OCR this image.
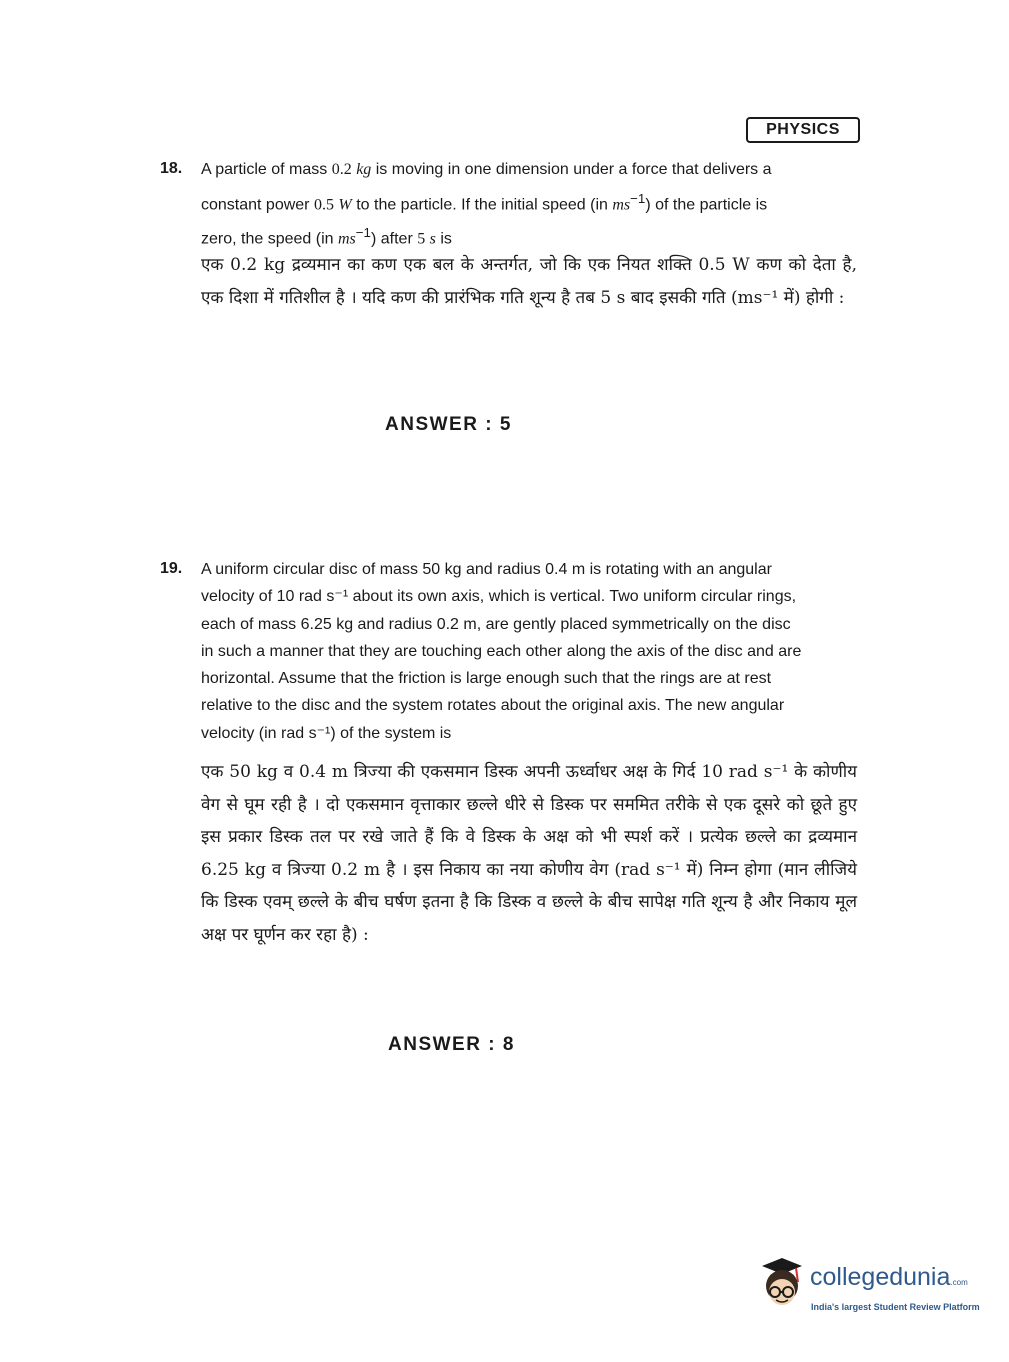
PHYSICS
18. A particle of mass 0.2 kg is moving in one dimension under a force that delivers a
constant power 0.5 W to the particle. If the initial speed (in $ms^{-1}$) of the particle is
zero, the speed (in $ms^{-1}$) after 5 s is
एक 0.2 kg द्रव्यमान का कण एक बल के अन्तर्गत, जो कि एक नियत शक्ति 0.5 W कण को देता है, एक दिशा में गतिशील है । यदि कण की प्रारंभिक गति शून्य है तब 5 s बाद इसकी गति (ms⁻¹ में) होगी :
ANSWER : 5
19. A uniform circular disc of mass 50 kg and radius 0.4 m is rotating with an angular
velocity of 10 rad s⁻¹ about its own axis, which is vertical. Two uniform circular rings,
each of mass 6.25 kg and radius 0.2 m, are gently placed symmetrically on the disc
in such a manner that they are touching each other along the axis of the disc and are
horizontal. Assume that the friction is large enough such that the rings are at rest
relative to the disc and the system rotates about the original axis. The new angular
velocity (in rad s⁻¹) of the system is
एक 50 kg व 0.4 m त्रिज्या की एकसमान डिस्क अपनी ऊर्ध्वाधर अक्ष के गिर्द 10 rad s⁻¹ के कोणीय वेग से घूम रही है । दो एकसमान वृत्ताकार छल्ले धीरे से डिस्क पर सममित तरीके से एक दूसरे को छूते हुए इस प्रकार डिस्क तल पर रखे जाते हैं कि वे डिस्क के अक्ष को भी स्पर्श करें । प्रत्येक छल्ले का द्रव्यमान 6.25 kg व त्रिज्या 0.2 m है । इस निकाय का नया कोणीय वेग (rad s⁻¹ में) निम्न होगा (मान लीजिये कि डिस्क एवम् छल्ले के बीच घर्षण इतना है कि डिस्क व छल्ले के बीच सापेक्ष गति शून्य है और निकाय मूल अक्ष पर घूर्णन कर रहा है) :
ANSWER : 8
collegedunia.com
India's largest Student Review Platform
